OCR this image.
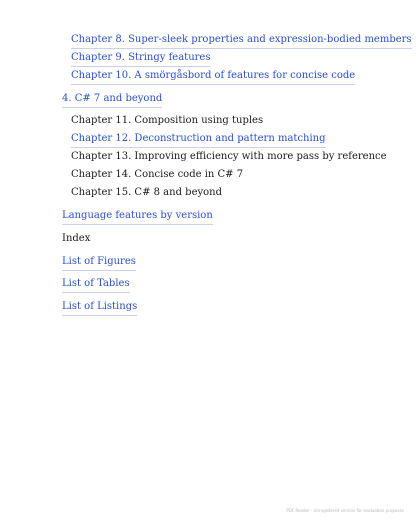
Chapter 8. Super-sleek properties and expression-bodied members
Chapter 9. Stringy features
Chapter 10. A smörgåsbord of features for concise code
4. C# 7 and beyond
Chapter 11. Composition using tuples
Chapter 12. Deconstruction and pattern matching
Chapter 13. Improving efficiency with more pass by reference
Chapter 14. Concise code in C# 7
Chapter 15. C# 8 and beyond
Language features by version
Index
List of Figures
List of Tables
List of Listings
PDF Reader - Unregistered version for evaluation purposes
